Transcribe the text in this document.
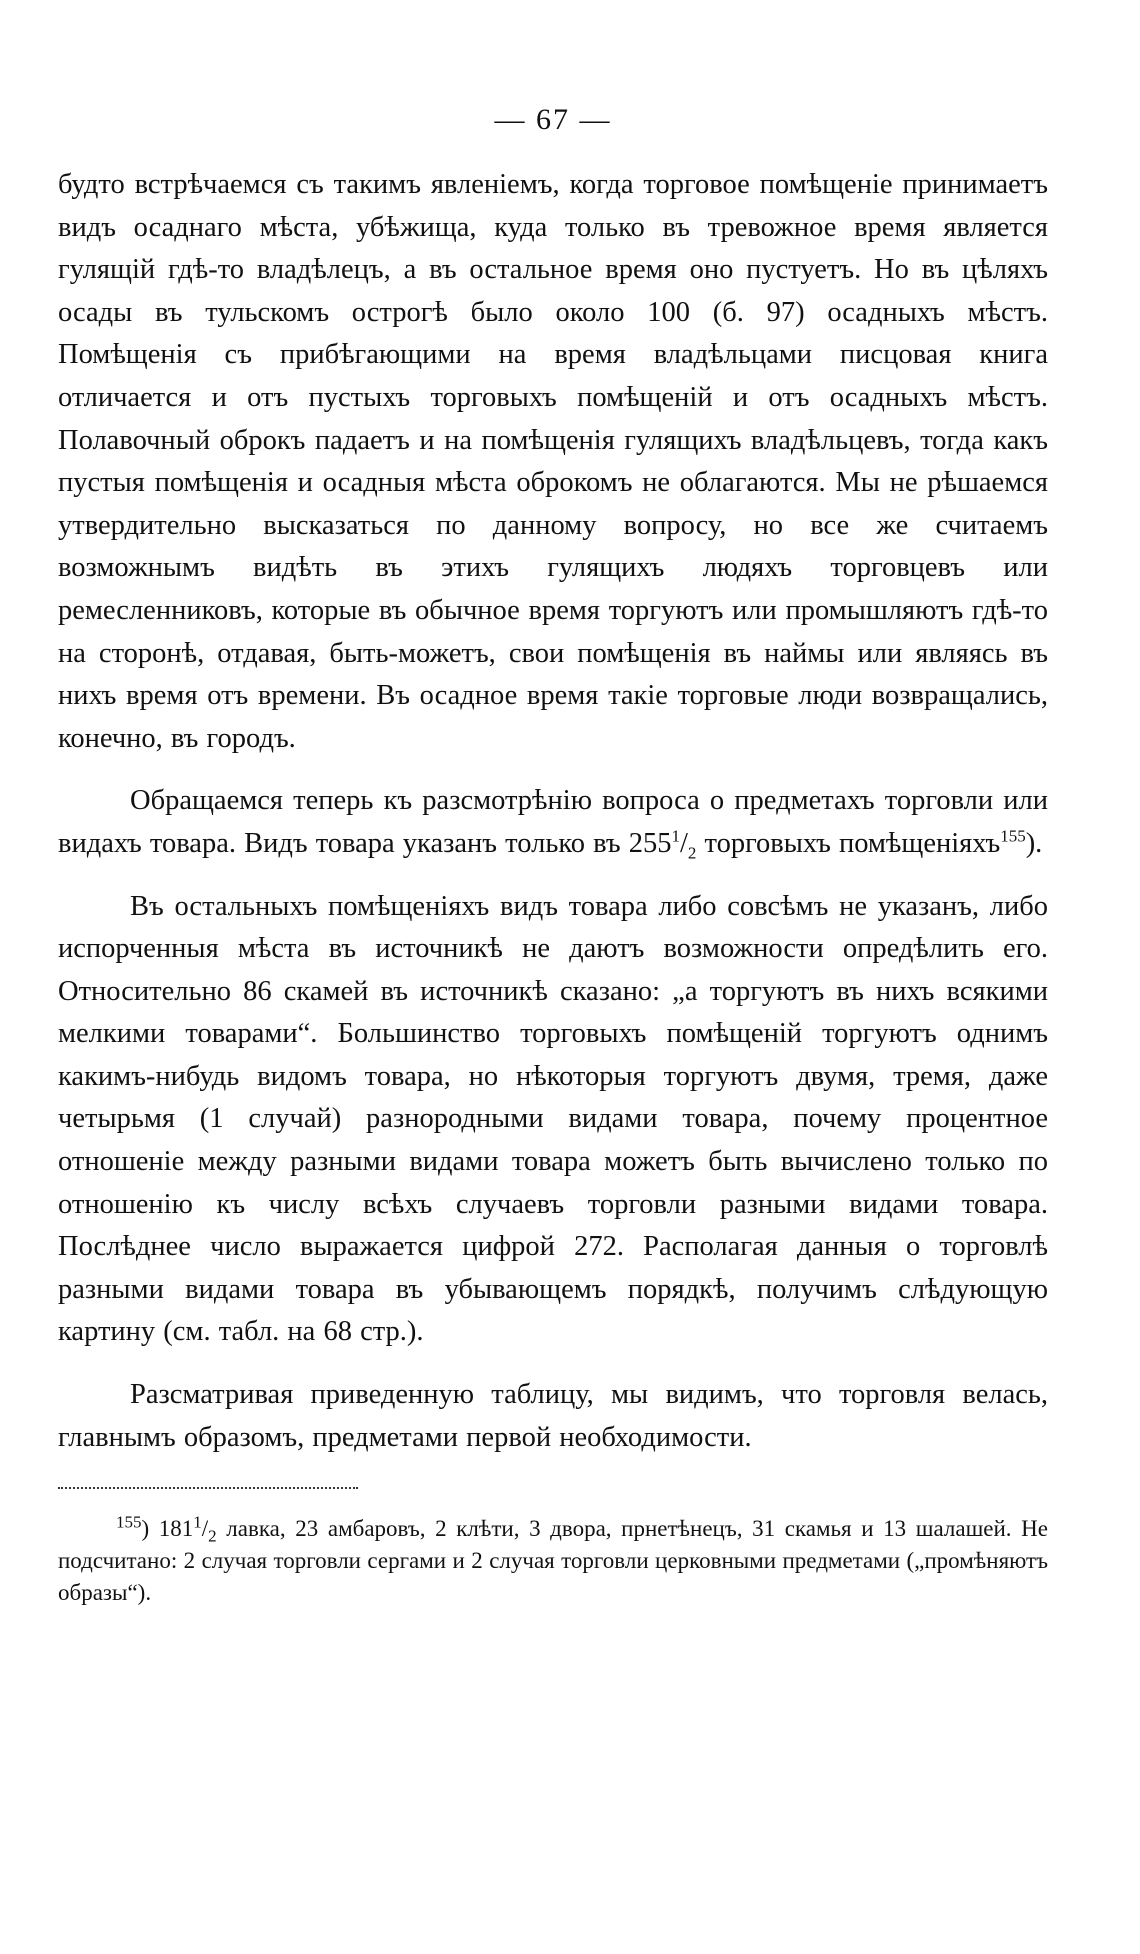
— 67 —

будто встрѣчаемся съ такимъ явленіемъ, когда торговое помѣщеніе принимаетъ видъ осаднаго мѣста, убѣжища, куда только въ тревожное время является гулящій гдѣ-то владѣлецъ, а въ остальное время оно пустуетъ. Но въ цѣляхъ осады въ тульскомъ острогѣ было около 100 (б. 97) осадныхъ мѣстъ. Помѣщенія съ прибѣгающими на время владѣльцами писцовая книга отличается и отъ пустыхъ торговыхъ помѣщеній и отъ осадныхъ мѣстъ. Полавочный оброкъ падаетъ и на помѣщенія гулящихъ владѣльцевъ, тогда какъ пустыя помѣщенія и осадныя мѣста оброкомъ не облагаются. Мы не рѣшаемся утвердительно высказаться по данному вопросу, но все же считаемъ возможнымъ видѣть въ этихъ гулящихъ людяхъ торговцевъ или ремесленниковъ, которые въ обычное время торгуютъ или промышляютъ гдѣ-то на сторонѣ, отдавая, быть-можетъ, свои помѣщенія въ наймы или являясь въ нихъ время отъ времени. Въ осадное время такіе торговые люди возвращались, конечно, въ городъ.

Обращаемся теперь къ разсмотрѣнію вопроса о предметахъ торговли или видахъ товара. Видъ товара указанъ только въ $255^1/_2$ торговыхъ помѣщеніяхъ$^{155}$).

Въ остальныхъ помѣщеніяхъ видъ товара либо совсѣмъ не указанъ, либо испорченныя мѣста въ источникѣ не даютъ возможности опредѣлить его. Относительно 86 скамей въ источникѣ сказано: „а торгуютъ въ нихъ всякими мелкими товарами“. Большинство торговыхъ помѣщеній торгуютъ однимъ какимъ-нибудь видомъ товара, но нѣкоторыя торгуютъ двумя, тремя, даже четырьмя (1 случай) разнородными видами товара, почему процентное отношеніе между разными видами товара можетъ быть вычислено только по отношенію къ числу всѣхъ случаевъ торговли разными видами товара. Послѣднее число выражается цифрой 272. Располагая данныя о торговлѣ разными видами товара въ убывающемъ порядкѣ, получимъ слѣдующую картину (см. табл. на 68 стр.).

Разсматривая приведенную таблицу, мы видимъ, что торговля велась, главнымъ образомъ, предметами первой необходимости.

$^{155}$) $181^1/_2$ лавка, 23 амбаровъ, 2 клѣти, 3 двора, прнетѣнецъ, 31 скамья и 13 шалашей. Не подсчитано: 2 случая торговли сергами и 2 случая торговли церковными предметами („промѣняютъ образы“).
